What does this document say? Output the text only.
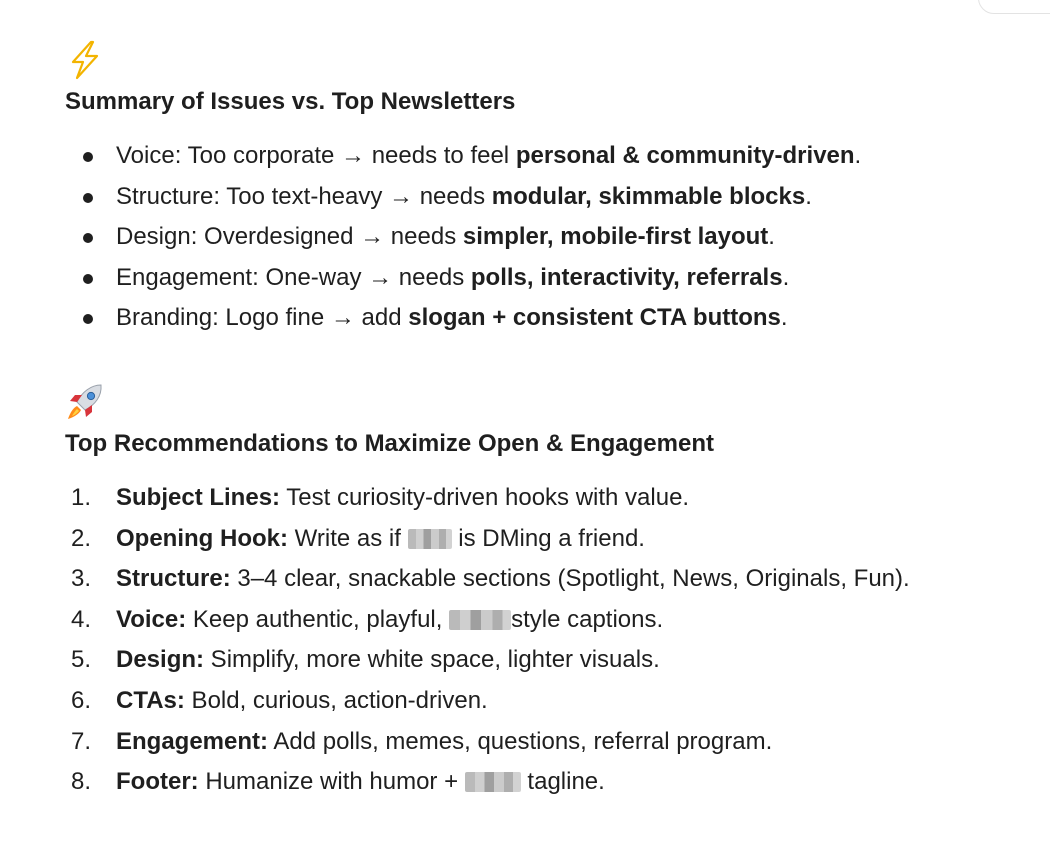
Summary of Issues vs. Top Newsletters
Voice: Too corporate → needs to feel personal & community-driven.
Structure: Too text-heavy → needs modular, skimmable blocks.
Design: Overdesigned → needs simpler, mobile-first layout.
Engagement: One-way → needs polls, interactivity, referrals.
Branding: Logo fine → add slogan + consistent CTA buttons.
Top Recommendations to Maximize Open & Engagement
1.	Subject Lines: Test curiosity-driven hooks with value.
2.	Opening Hook: Write as if  is DMing a friend.
3.	Structure: 3–4 clear, snackable sections (Spotlight, News, Originals, Fun).
4.	Voice: Keep authentic, playful,	style captions.
5.	Design: Simplify, more white space, lighter visuals.
6.	CTAs: Bold, curious, action-driven.
7.	Engagement: Add polls, memes, questions, referral program.
8.	Footer: Humanize with humor +  tagline.
